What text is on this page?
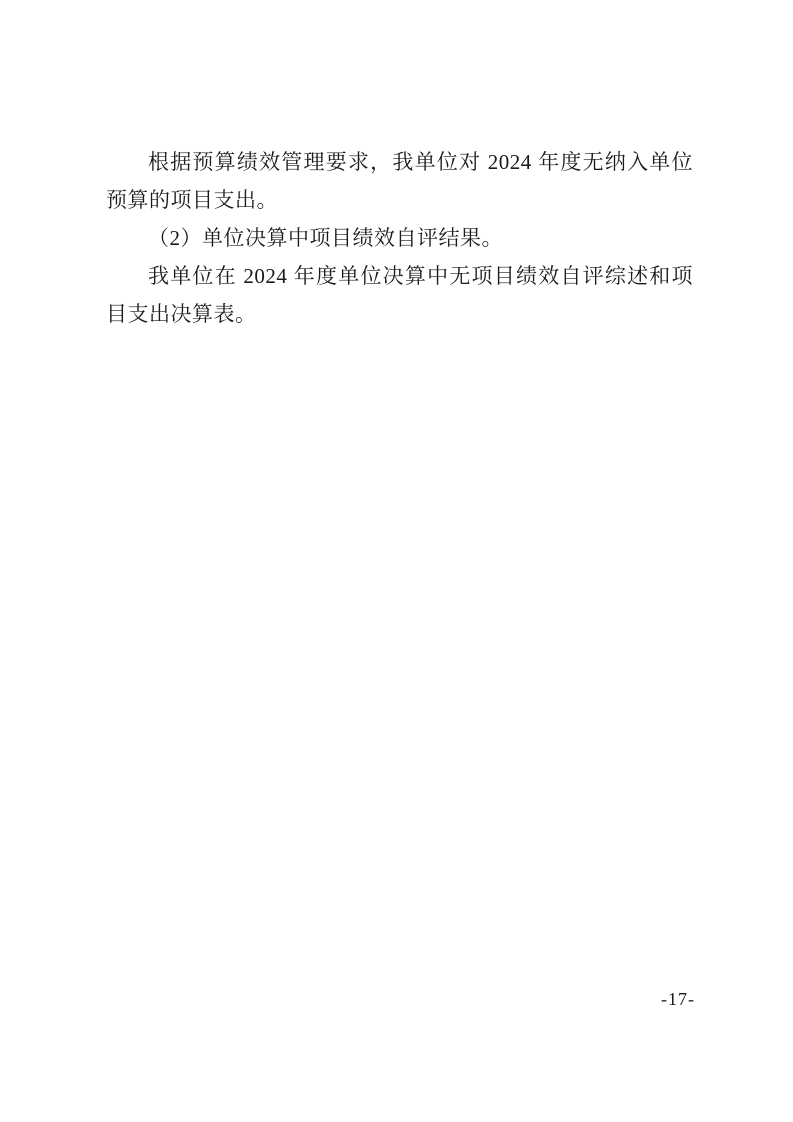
根据预算绩效管理要求，我单位对 2024 年度无纳入单位预算的项目支出。

（2）单位决算中项目绩效自评结果。

我单位在 2024 年度单位决算中无项目绩效自评综述和项目支出决算表。

-17-
